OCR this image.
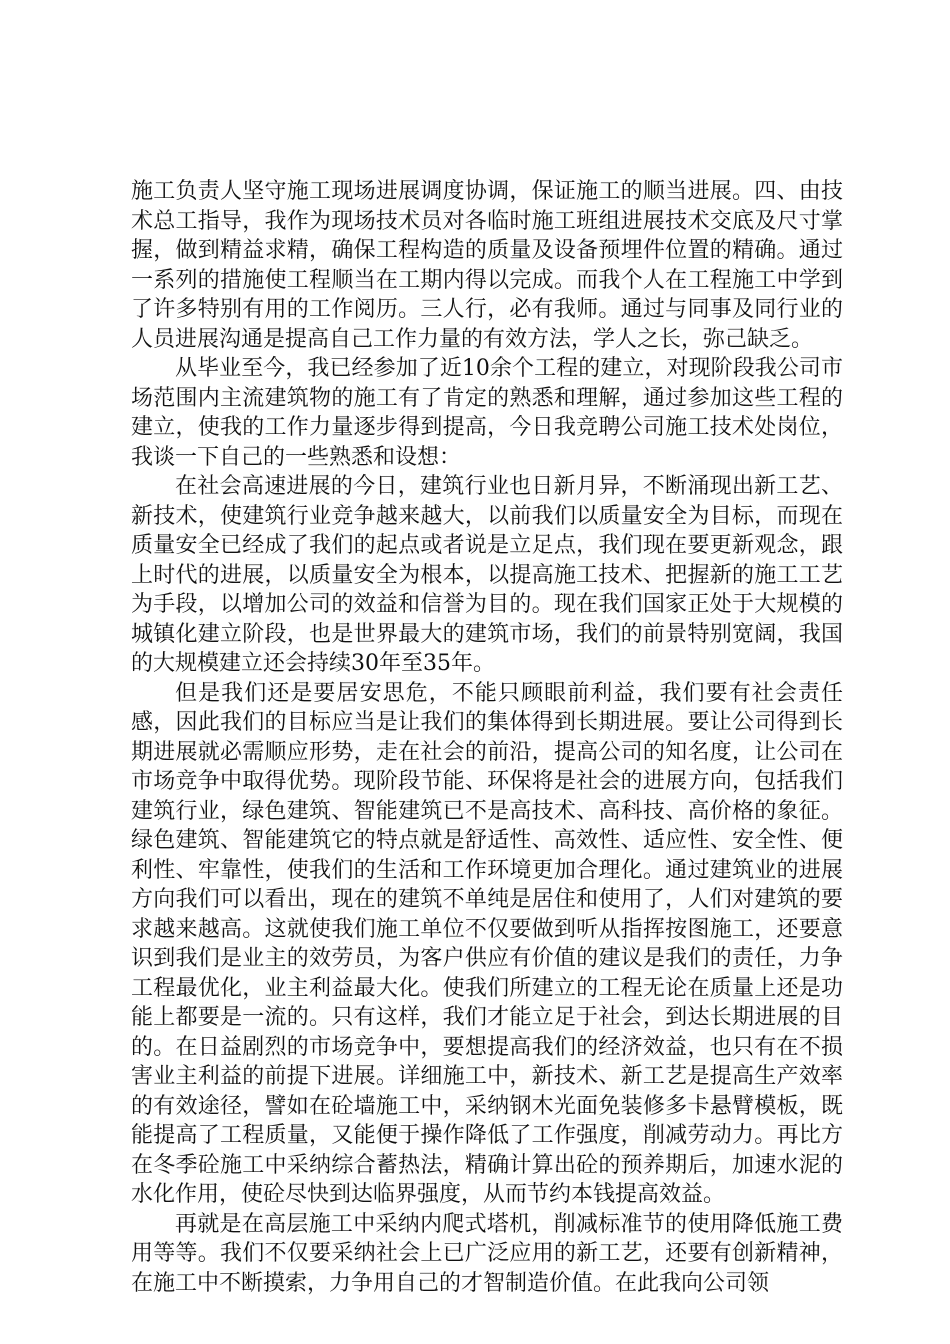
施工负责人坚守施工现场进展调度协调，保证施工的顺当进展。四、由技术总工指导，我作为现场技术员对各临时施工班组进展技术交底及尺寸掌握，做到精益求精，确保工程构造的质量及设备预埋件位置的精确。通过一系列的措施使工程顺当在工期内得以完成。而我个人在工程施工中学到了许多特别有用的工作阅历。三人行，必有我师。通过与同事及同行业的人员进展沟通是提高自己工作力量的有效方法，学人之长，弥己缺乏。

从毕业至今，我已经参加了近10余个工程的建立，对现阶段我公司市场范围内主流建筑物的施工有了肯定的熟悉和理解，通过参加这些工程的建立，使我的工作力量逐步得到提高，今日我竞聘公司施工技术处岗位，我谈一下自己的一些熟悉和设想：

在社会高速进展的今日，建筑行业也日新月异，不断涌现出新工艺、新技术，使建筑行业竞争越来越大，以前我们以质量安全为目标，而现在质量安全已经成了我们的起点或者说是立足点，我们现在要更新观念，跟上时代的进展，以质量安全为根本，以提高施工技术、把握新的施工工艺为手段，以增加公司的效益和信誉为目的。现在我们国家正处于大规模的城镇化建立阶段，也是世界最大的建筑市场，我们的前景特别宽阔，我国的大规模建立还会持续30年至35年。

但是我们还是要居安思危，不能只顾眼前利益，我们要有社会责任感，因此我们的目标应当是让我们的集体得到长期进展。要让公司得到长期进展就必需顺应形势，走在社会的前沿，提高公司的知名度，让公司在市场竞争中取得优势。现阶段节能、环保将是社会的进展方向，包括我们建筑行业，绿色建筑、智能建筑已不是高技术、高科技、高价格的象征。绿色建筑、智能建筑它的特点就是舒适性、高效性、适应性、安全性、便利性、牢靠性，使我们的生活和工作环境更加合理化。通过建筑业的进展方向我们可以看出，现在的建筑不单纯是居住和使用了，人们对建筑的要求越来越高。这就使我们施工单位不仅要做到听从指挥按图施工，还要意识到我们是业主的效劳员，为客户供应有价值的建议是我们的责任，力争工程最优化，业主利益最大化。使我们所建立的工程无论在质量上还是功能上都要是一流的。只有这样，我们才能立足于社会，到达长期进展的目的。在日益剧烈的市场竞争中，要想提高我们的经济效益，也只有在不损害业主利益的前提下进展。详细施工中，新技术、新工艺是提高生产效率的有效途径，譬如在砼墙施工中，采纳钢木光面免装修多卡悬臂模板，既能提高了工程质量，又能便于操作降低了工作强度，削减劳动力。再比方在冬季砼施工中采纳综合蓄热法，精确计算出砼的预养期后，加速水泥的水化作用，使砼尽快到达临界强度，从而节约本钱提高效益。

再就是在高层施工中采纳内爬式塔机，削减标准节的使用降低施工费用等等。我们不仅要采纳社会上已广泛应用的新工艺，还要有创新精神，在施工中不断摸索，力争用自己的才智制造价值。在此我向公司领
